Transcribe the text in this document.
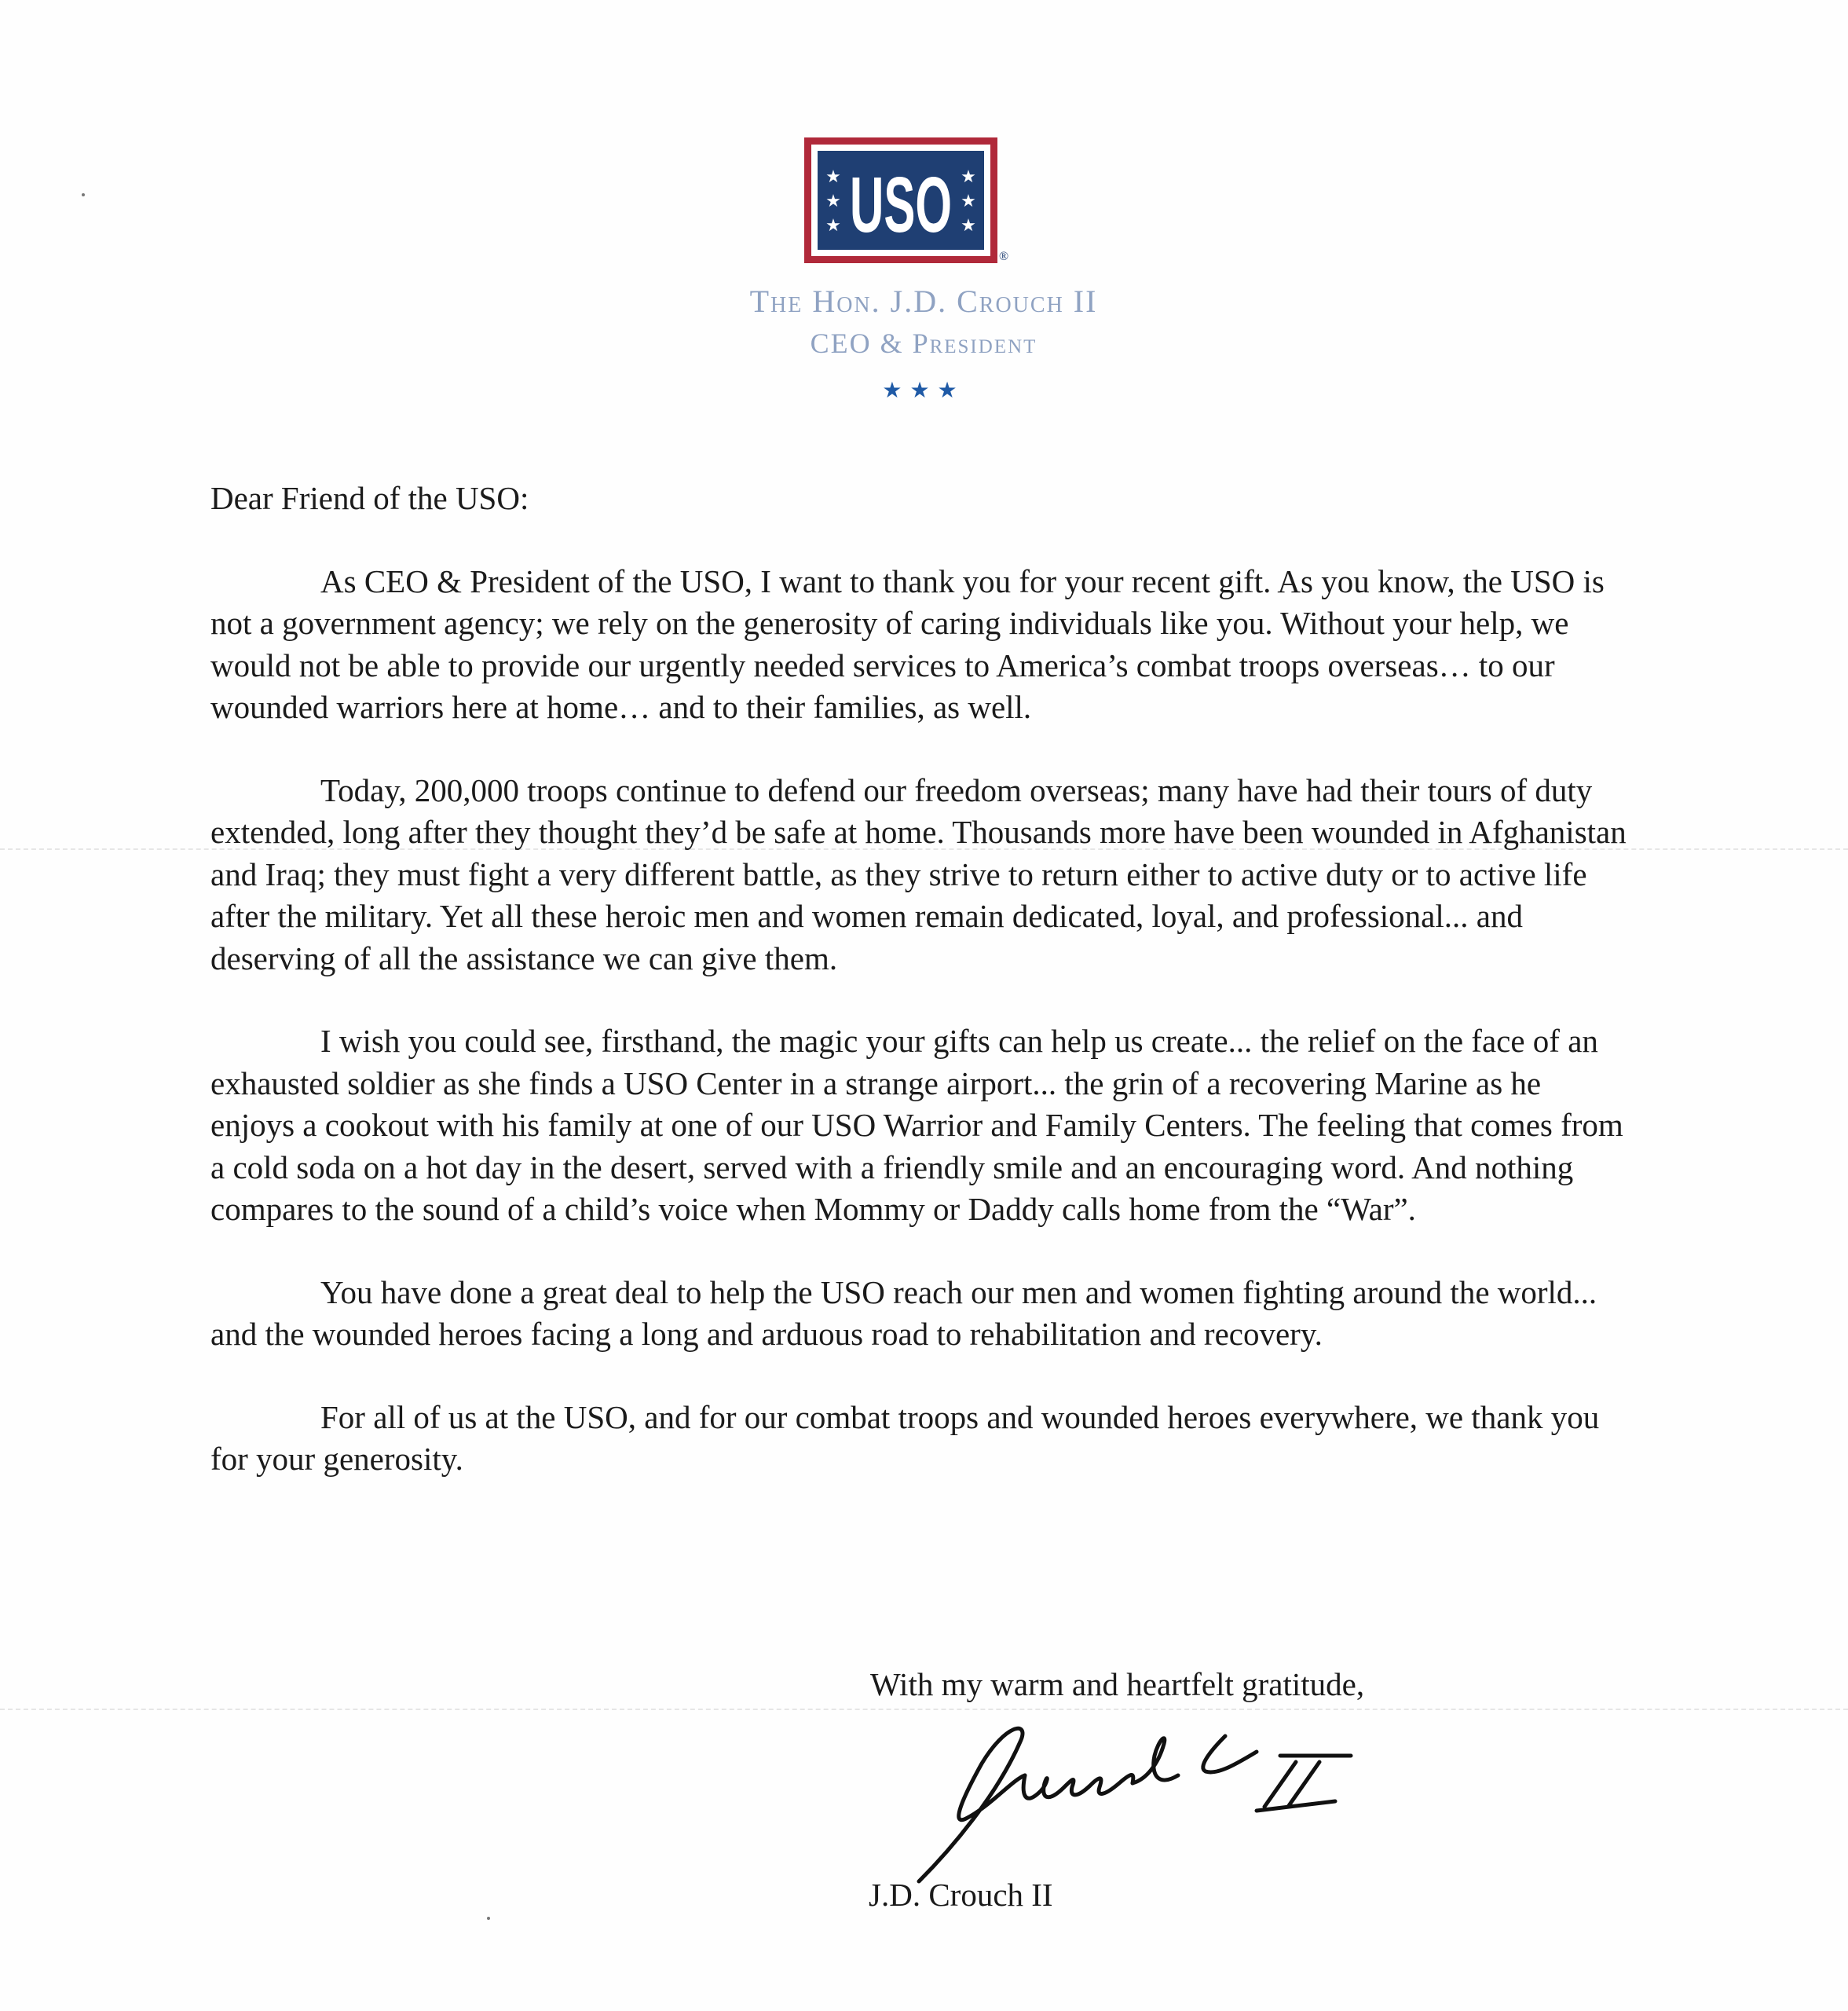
USO
★
★
★
★
★
★
®
The Hon. J.D. Crouch II
CEO & President
★★★

Dear Friend of the USO:

As CEO & President of the USO, I want to thank you for your recent gift. As you know, the USO is not a government agency; we rely on the generosity of caring individuals like you. Without your help, we would not be able to provide our urgently needed services to America’s combat troops overseas… to our wounded warriors here at home… and to their families, as well.

Today, 200,000 troops continue to defend our freedom overseas; many have had their tours of duty extended, long after they thought they’d be safe at home. Thousands more have been wounded in Afghanistan and Iraq; they must fight a very different battle, as they strive to return either to active duty or to active life after the military. Yet all these heroic men and women remain dedicated, loyal, and professional... and deserving of all the assistance we can give them.

I wish you could see, firsthand, the magic your gifts can help us create... the relief on the face of an exhausted soldier as she finds a USO Center in a strange airport... the grin of a recovering Marine as he enjoys a cookout with his family at one of our USO Warrior and Family Centers. The feeling that comes from a cold soda on a hot day in the desert, served with a friendly smile and an encouraging word. And nothing compares to the sound of a child’s voice when Mommy or Daddy calls home from the “War”.

You have done a great deal to help the USO reach our men and women fighting around the world... and the wounded heroes facing a long and arduous road to rehabilitation and recovery.

For all of us at the USO, and for our combat troops and wounded heroes everywhere, we thank you for your generosity.

With my warm and heartfelt gratitude,
J.D. Crouch II
